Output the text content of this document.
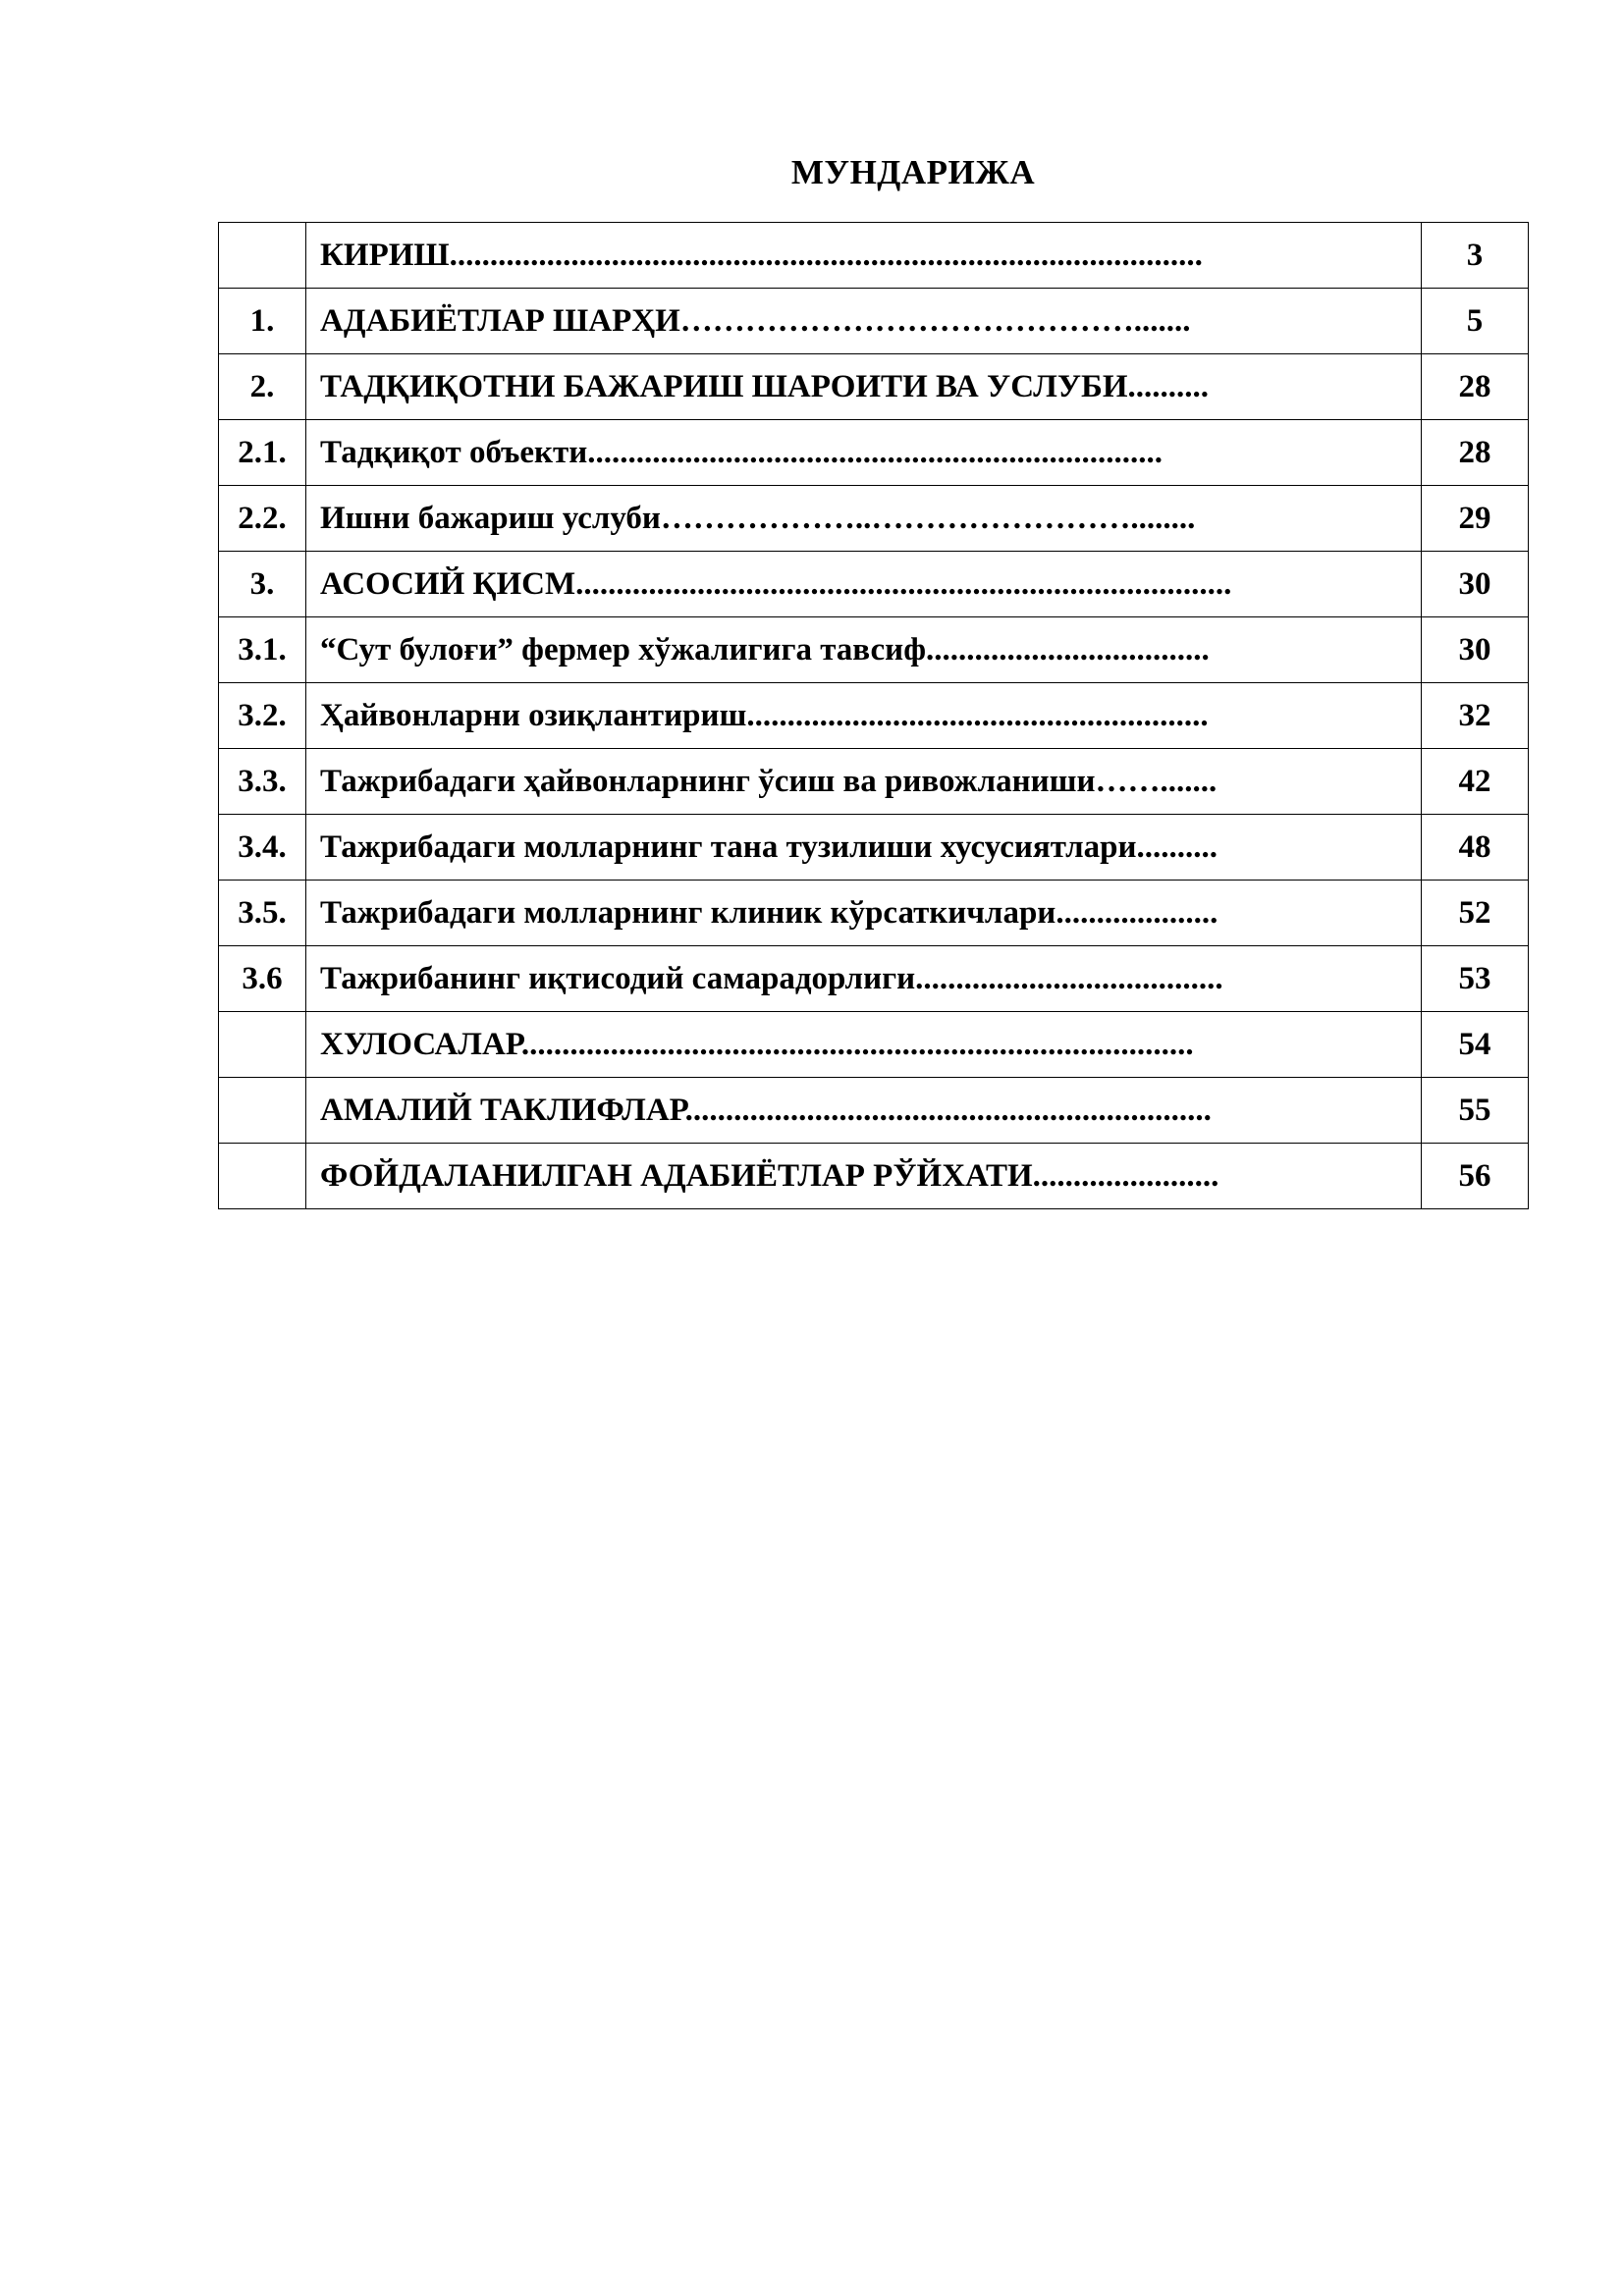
МУНДАРИЖА
	КИРИШ.............................................................................................	3
1.	АДАБИЁТЛАР ШАРҲИ…………………………………….......	5
2.	ТАДҚИҚОТНИ БАЖАРИШ ШАРОИТИ ВА УСЛУБИ..........	28
2.1.	Тадқиқот объекти.......................................................................	28
2.2.	Ишни бажариш услуби………………..……………………........	29
3.	АСОСИЙ ҚИСМ.................................................................................	30
3.1.	“Сут булоғи” фермер хўжалигига тавсиф...................................	30
3.2.	Ҳайвонларни озиқлантириш.........................................................	32
3.3.	Тажрибадаги ҳайвонларнинг ўсиш ва ривожланиши…….......	42
3.4.	Тажрибадаги молларнинг тана тузилиши хусусиятлари..........	48
3.5.	Тажрибадаги молларнинг клиник кўрсаткичлари....................	52
3.6	Тажрибанинг иқтисодий самарадорлиги......................................	53
	ХУЛОСАЛАР...................................................................................	54
	АМАЛИЙ ТАКЛИФЛАР.................................................................	55
	ФОЙДАЛАНИЛГАН АДАБИЁТЛАР РЎЙХАТИ.......................	56
